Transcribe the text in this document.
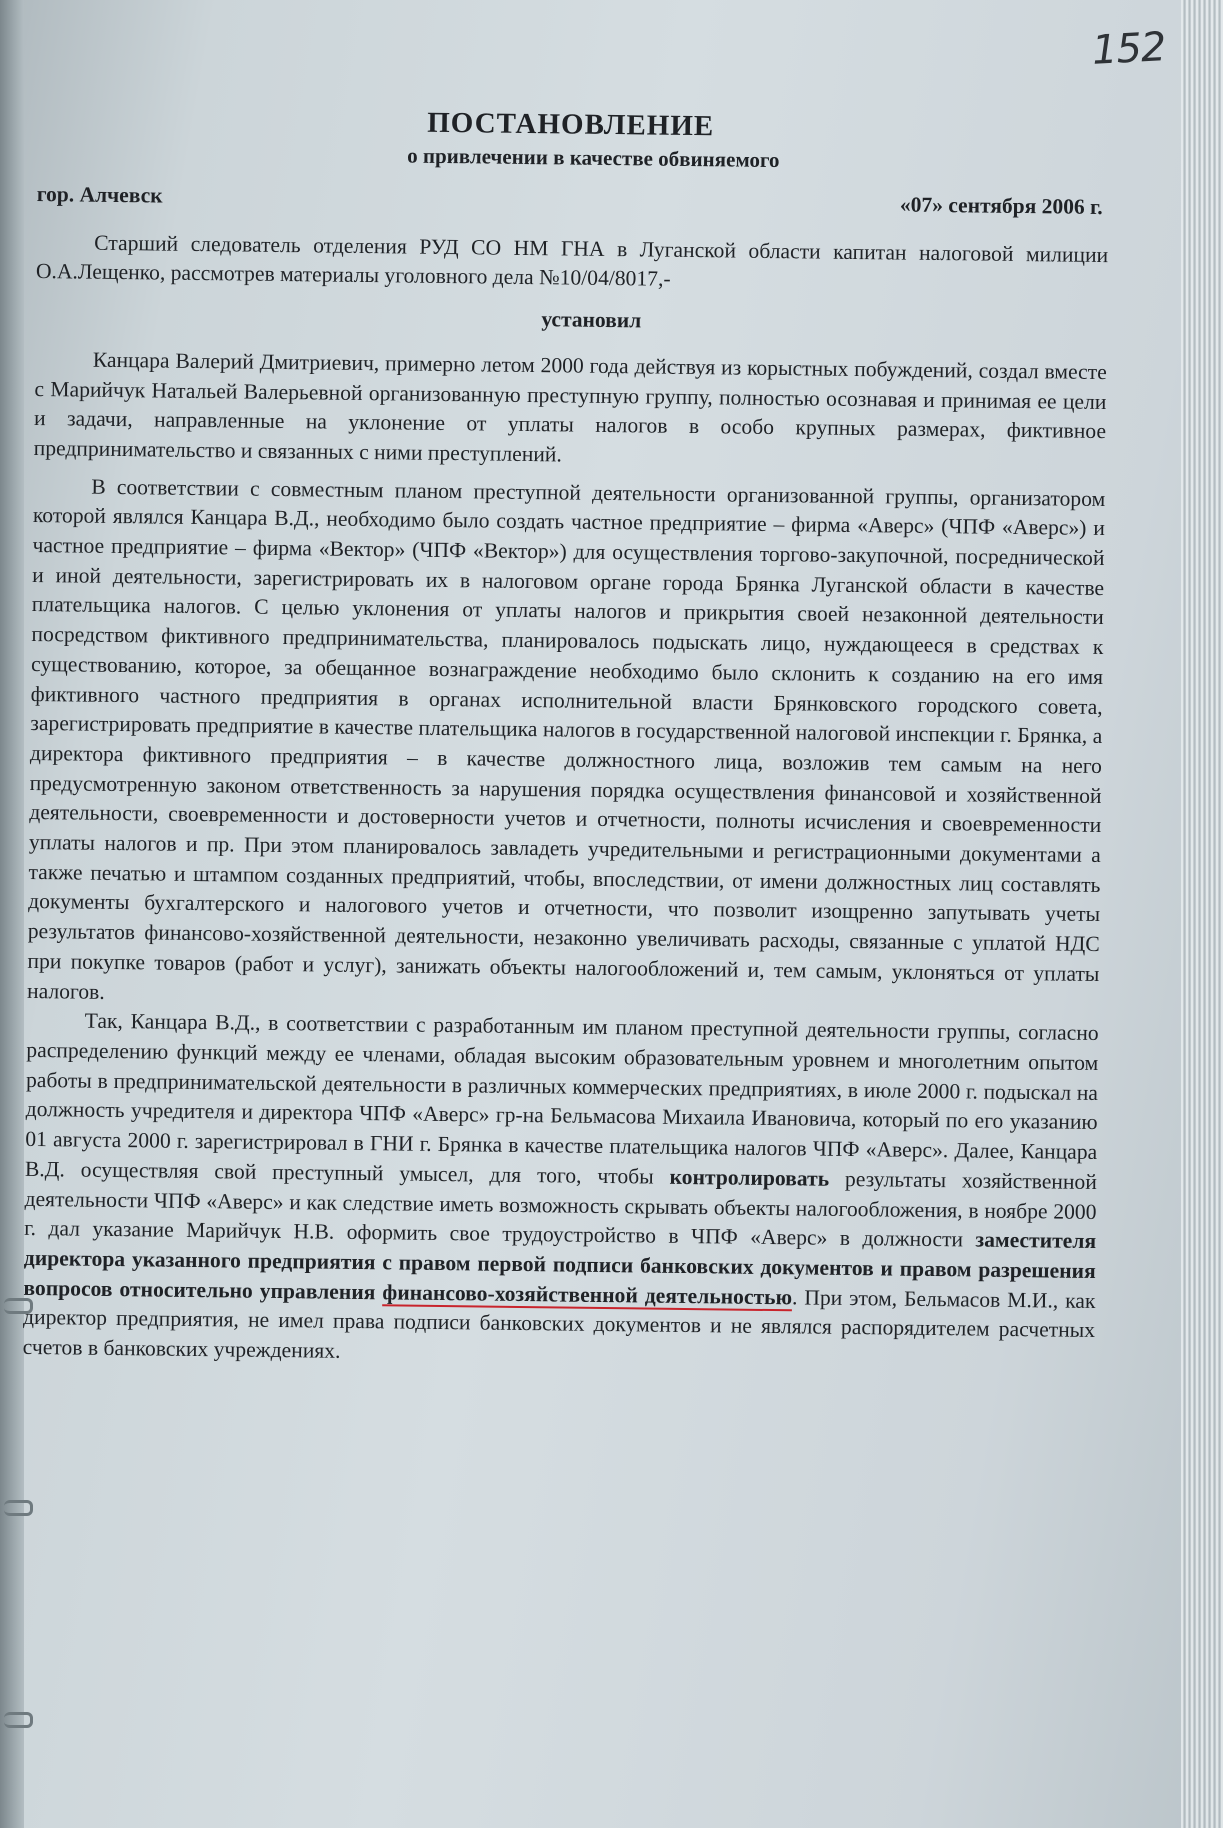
152
ПОСТАНОВЛЕНИЕ
о привлечении в качестве обвиняемого
гор. Алчевск	«07» сентября 2006 г.

Старший следователь отделения РУД СО НМ ГНА в Луганской области капитан налоговой милиции О.А.Лещенко, рассмотрев материалы уголовного дела №10/04/8017,-

установил

Канцара Валерий Дмитриевич, примерно летом 2000 года действуя из корыстных побуждений, создал вместе с Марийчук Натальей Валерьевной организованную преступную группу, полностью осознавая и принимая ее цели и задачи, направленные на уклонение от уплаты налогов в особо крупных размерах, фиктивное предпринимательство и связанных с ними преступлений.

В соответствии с совместным планом преступной деятельности организованной группы, организатором которой являлся Канцара В.Д., необходимо было создать частное предприятие – фирма «Аверс» (ЧПФ «Аверс») и частное предприятие – фирма «Вектор» (ЧПФ «Вектор») для осуществления торгово-закупочной, посреднической и иной деятельности, зарегистрировать их в налоговом органе города Брянка Луганской области в качестве плательщика налогов. С целью уклонения от уплаты налогов и прикрытия своей незаконной деятельности посредством фиктивного предпринимательства, планировалось подыскать лицо, нуждающееся в средствах к существованию, которое, за обещанное вознаграждение необходимо было склонить к созданию на его имя фиктивного частного предприятия в органах исполнительной власти Брянковского городского совета, зарегистрировать предприятие в качестве плательщика налогов в государственной налоговой инспекции г. Брянка, а директора фиктивного предприятия – в качестве должностного лица, возложив тем самым на него предусмотренную законом ответственность за нарушения порядка осуществления финансовой и хозяйственной деятельности, своевременности и достоверности учетов и отчетности, полноты исчисления и своевременности уплаты налогов и пр. При этом планировалось завладеть учредительными и регистрационными документами а также печатью и штампом созданных предприятий, чтобы, впоследствии, от имени должностных лиц составлять документы бухгалтерского и налогового учетов и отчетности, что позволит изощренно запутывать учеты результатов финансово-хозяйственной деятельности, незаконно увеличивать расходы, связанные с уплатой НДС при покупке товаров (работ и услуг), занижать объекты налогообложений и, тем самым, уклоняться от уплаты налогов.

Так, Канцара В.Д., в соответствии с разработанным им планом преступной деятельности группы, согласно распределению функций между ее членами, обладая высоким образовательным уровнем и многолетним опытом работы в предпринимательской деятельности в различных коммерческих предприятиях, в июле 2000 г. подыскал на должность учредителя и директора ЧПФ «Аверс» гр-на Бельмасова Михаила Ивановича, который по его указанию 01 августа 2000 г. зарегистрировал в ГНИ г. Брянка в качестве плательщика налогов ЧПФ «Аверс». Далее, Канцара В.Д. осуществляя свой преступный умысел, для того, чтобы контролировать результаты хозяйственной деятельности ЧПФ «Аверс» и как следствие иметь возможность скрывать объекты налогообложения, в ноябре 2000 г. дал указание Марийчук Н.В. оформить свое трудоустройство в ЧПФ «Аверс» в должности заместителя директора указанного предприятия с правом первой подписи банковских документов и правом разрешения вопросов относительно управления финансово-хозяйственной деятельностью. При этом, Бельмасов М.И., как директор предприятия, не имел права подписи банковских документов и не являлся распорядителем расчетных счетов в банковских учреждениях.
